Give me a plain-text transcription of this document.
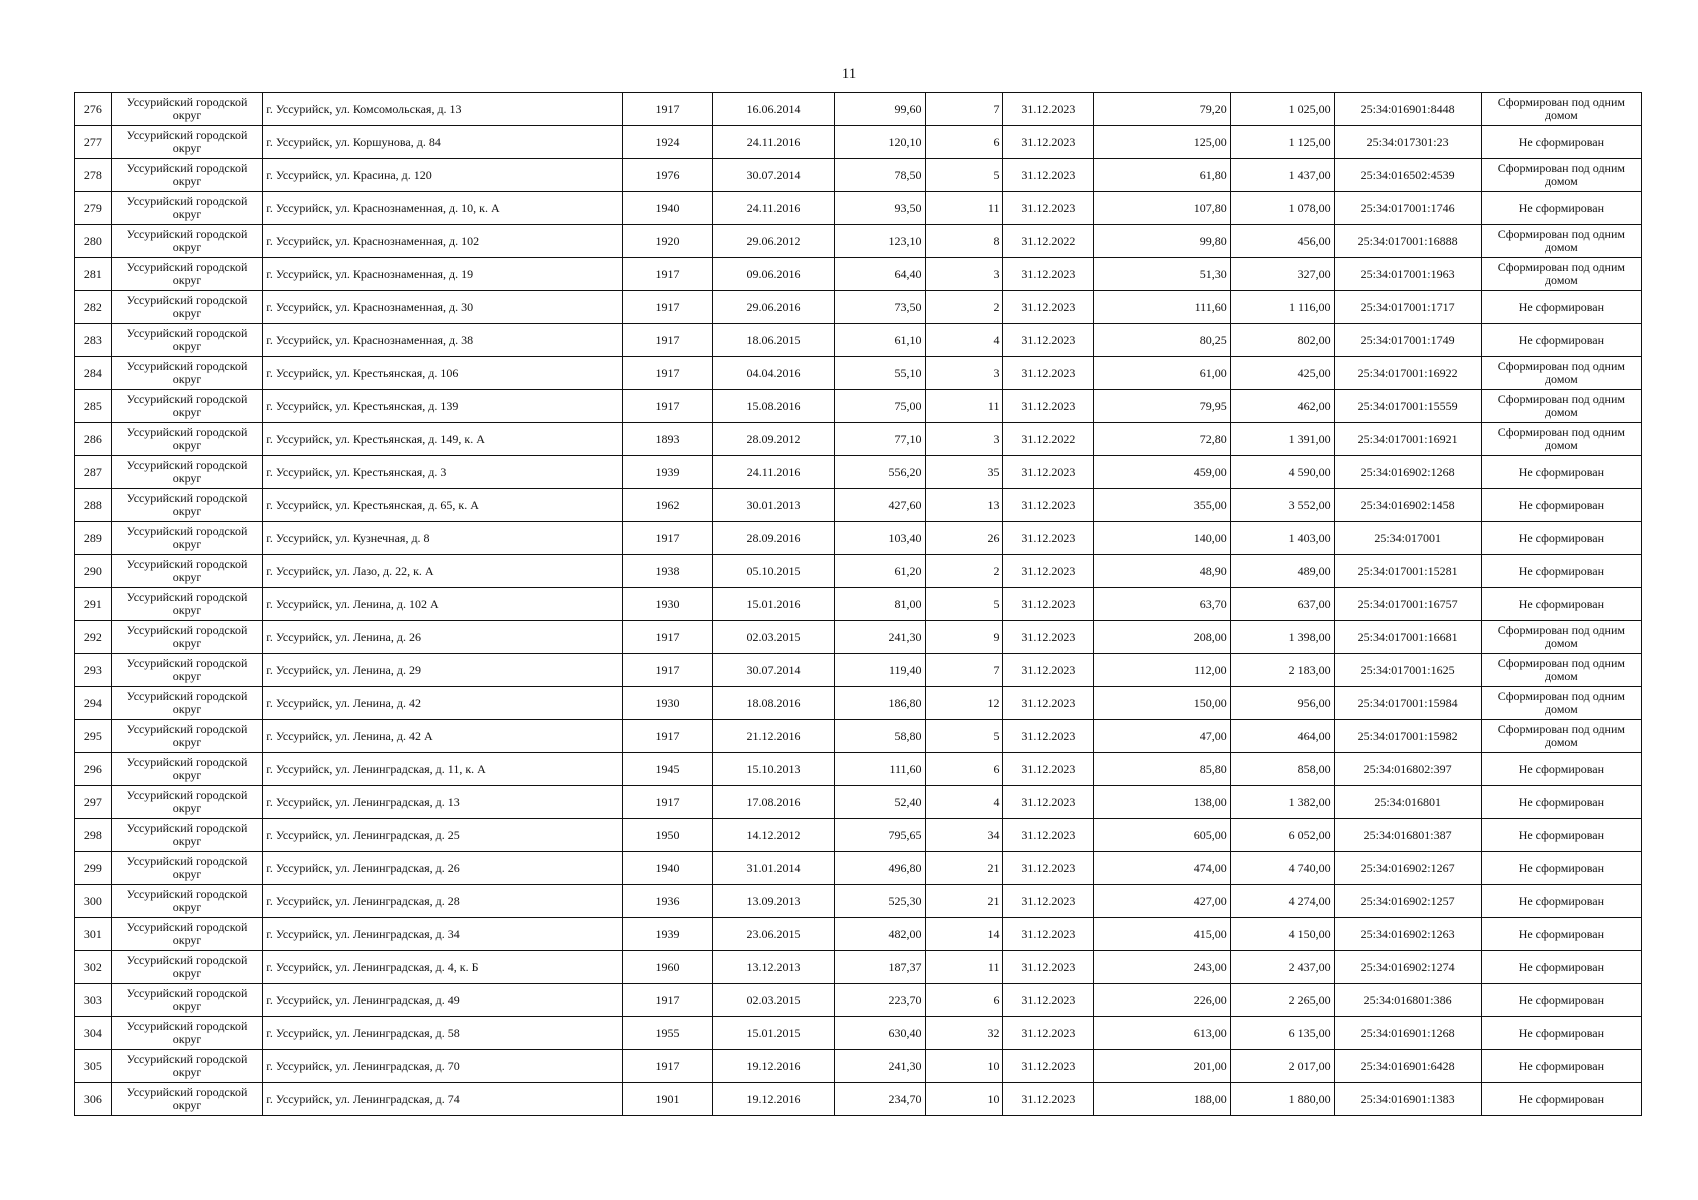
11
276	Уссурийский городской округ	г. Уссурийск, ул. Комсомольская, д. 13	1917	16.06.2014	99,60	7	31.12.2023	79,20	1 025,00	25:34:016901:8448	Сформирован под одним домом
277	Уссурийский городской округ	г. Уссурийск, ул. Коршунова, д. 84	1924	24.11.2016	120,10	6	31.12.2023	125,00	1 125,00	25:34:017301:23	Не сформирован
278	Уссурийский городской округ	г. Уссурийск, ул. Красина, д. 120	1976	30.07.2014	78,50	5	31.12.2023	61,80	1 437,00	25:34:016502:4539	Сформирован под одним домом
279	Уссурийский городской округ	г. Уссурийск, ул. Краснознаменная, д. 10, к. А	1940	24.11.2016	93,50	11	31.12.2023	107,80	1 078,00	25:34:017001:1746	Не сформирован
280	Уссурийский городской округ	г. Уссурийск, ул. Краснознаменная, д. 102	1920	29.06.2012	123,10	8	31.12.2022	99,80	456,00	25:34:017001:16888	Сформирован под одним домом
281	Уссурийский городской округ	г. Уссурийск, ул. Краснознаменная, д. 19	1917	09.06.2016	64,40	3	31.12.2023	51,30	327,00	25:34:017001:1963	Сформирован под одним домом
282	Уссурийский городской округ	г. Уссурийск, ул. Краснознаменная, д. 30	1917	29.06.2016	73,50	2	31.12.2023	111,60	1 116,00	25:34:017001:1717	Не сформирован
283	Уссурийский городской округ	г. Уссурийск, ул. Краснознаменная, д. 38	1917	18.06.2015	61,10	4	31.12.2023	80,25	802,00	25:34:017001:1749	Не сформирован
284	Уссурийский городской округ	г. Уссурийск, ул. Крестьянская, д. 106	1917	04.04.2016	55,10	3	31.12.2023	61,00	425,00	25:34:017001:16922	Сформирован под одним домом
285	Уссурийский городской округ	г. Уссурийск, ул. Крестьянская, д. 139	1917	15.08.2016	75,00	11	31.12.2023	79,95	462,00	25:34:017001:15559	Сформирован под одним домом
286	Уссурийский городской округ	г. Уссурийск, ул. Крестьянская, д. 149, к. А	1893	28.09.2012	77,10	3	31.12.2022	72,80	1 391,00	25:34:017001:16921	Сформирован под одним домом
287	Уссурийский городской округ	г. Уссурийск, ул. Крестьянская, д. 3	1939	24.11.2016	556,20	35	31.12.2023	459,00	4 590,00	25:34:016902:1268	Не сформирован
288	Уссурийский городской округ	г. Уссурийск, ул. Крестьянская, д. 65, к. А	1962	30.01.2013	427,60	13	31.12.2023	355,00	3 552,00	25:34:016902:1458	Не сформирован
289	Уссурийский городской округ	г. Уссурийск, ул. Кузнечная, д. 8	1917	28.09.2016	103,40	26	31.12.2023	140,00	1 403,00	25:34:017001	Не сформирован
290	Уссурийский городской округ	г. Уссурийск, ул. Лазо, д. 22, к. А	1938	05.10.2015	61,20	2	31.12.2023	48,90	489,00	25:34:017001:15281	Не сформирован
291	Уссурийский городской округ	г. Уссурийск, ул. Ленина, д. 102 А	1930	15.01.2016	81,00	5	31.12.2023	63,70	637,00	25:34:017001:16757	Не сформирован
292	Уссурийский городской округ	г. Уссурийск, ул. Ленина, д. 26	1917	02.03.2015	241,30	9	31.12.2023	208,00	1 398,00	25:34:017001:16681	Сформирован под одним домом
293	Уссурийский городской округ	г. Уссурийск, ул. Ленина, д. 29	1917	30.07.2014	119,40	7	31.12.2023	112,00	2 183,00	25:34:017001:1625	Сформирован под одним домом
294	Уссурийский городской округ	г. Уссурийск, ул. Ленина, д. 42	1930	18.08.2016	186,80	12	31.12.2023	150,00	956,00	25:34:017001:15984	Сформирован под одним домом
295	Уссурийский городской округ	г. Уссурийск, ул. Ленина, д. 42 А	1917	21.12.2016	58,80	5	31.12.2023	47,00	464,00	25:34:017001:15982	Сформирован под одним домом
296	Уссурийский городской округ	г. Уссурийск, ул. Ленинградская, д. 11, к. А	1945	15.10.2013	111,60	6	31.12.2023	85,80	858,00	25:34:016802:397	Не сформирован
297	Уссурийский городской округ	г. Уссурийск, ул. Ленинградская, д. 13	1917	17.08.2016	52,40	4	31.12.2023	138,00	1 382,00	25:34:016801	Не сформирован
298	Уссурийский городской округ	г. Уссурийск, ул. Ленинградская, д. 25	1950	14.12.2012	795,65	34	31.12.2023	605,00	6 052,00	25:34:016801:387	Не сформирован
299	Уссурийский городской округ	г. Уссурийск, ул. Ленинградская, д. 26	1940	31.01.2014	496,80	21	31.12.2023	474,00	4 740,00	25:34:016902:1267	Не сформирован
300	Уссурийский городской округ	г. Уссурийск, ул. Ленинградская, д. 28	1936	13.09.2013	525,30	21	31.12.2023	427,00	4 274,00	25:34:016902:1257	Не сформирован
301	Уссурийский городской округ	г. Уссурийск, ул. Ленинградская, д. 34	1939	23.06.2015	482,00	14	31.12.2023	415,00	4 150,00	25:34:016902:1263	Не сформирован
302	Уссурийский городской округ	г. Уссурийск, ул. Ленинградская, д. 4, к. Б	1960	13.12.2013	187,37	11	31.12.2023	243,00	2 437,00	25:34:016902:1274	Не сформирован
303	Уссурийский городской округ	г. Уссурийск, ул. Ленинградская, д. 49	1917	02.03.2015	223,70	6	31.12.2023	226,00	2 265,00	25:34:016801:386	Не сформирован
304	Уссурийский городской округ	г. Уссурийск, ул. Ленинградская, д. 58	1955	15.01.2015	630,40	32	31.12.2023	613,00	6 135,00	25:34:016901:1268	Не сформирован
305	Уссурийский городской округ	г. Уссурийск, ул. Ленинградская, д. 70	1917	19.12.2016	241,30	10	31.12.2023	201,00	2 017,00	25:34:016901:6428	Не сформирован
306	Уссурийский городской округ	г. Уссурийск, ул. Ленинградская, д. 74	1901	19.12.2016	234,70	10	31.12.2023	188,00	1 880,00	25:34:016901:1383	Не сформирован
